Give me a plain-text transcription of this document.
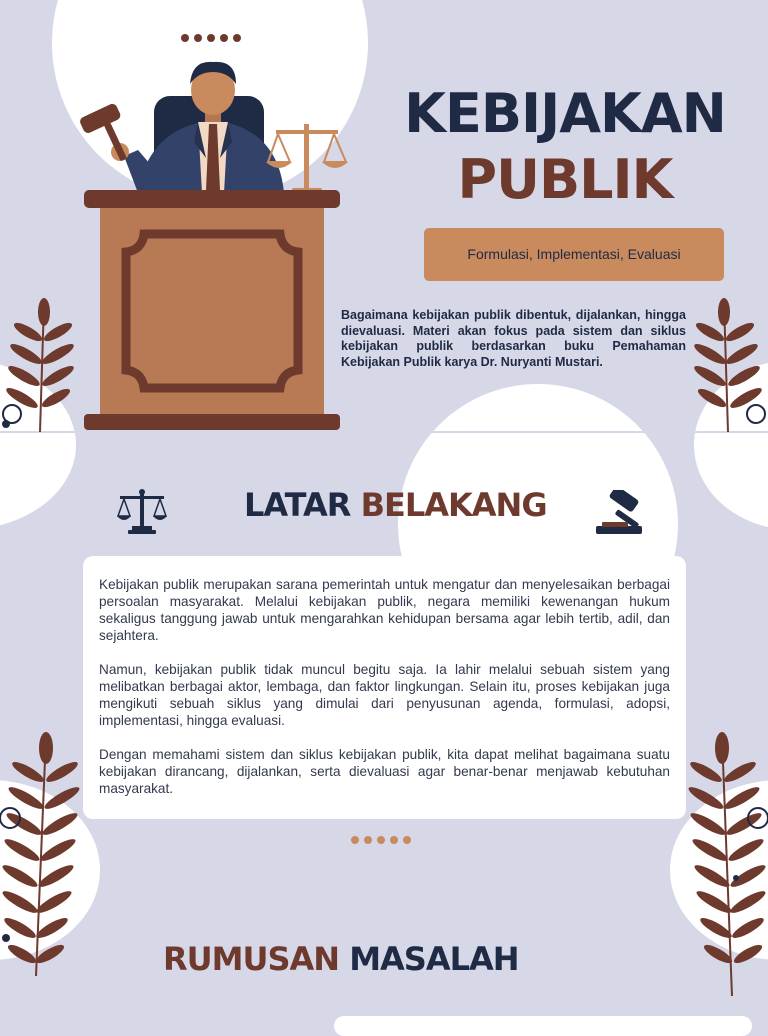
KEBIJAKAN
PUBLIK
Formulasi, Implementasi, Evaluasi
Bagaimana kebijakan publik dibentuk, dijalankan, hingga dievaluasi. Materi akan fokus pada sistem dan siklus kebijakan publik berdasarkan buku Pemahaman Kebijakan Publik karya Dr. Nuryanti Mustari.
LATAR BELAKANG

Kebijakan publik merupakan sarana pemerintah untuk mengatur dan menyelesaikan berbagai persoalan masyarakat. Melalui kebijakan publik, negara memiliki kewenangan hukum sekaligus tanggung jawab untuk mengarahkan kehidupan bersama agar lebih tertib, adil, dan sejahtera.

Namun, kebijakan publik tidak muncul begitu saja. Ia lahir melalui sebuah sistem yang melibatkan berbagai aktor, lembaga, dan faktor lingkungan. Selain itu, proses kebijakan juga mengikuti sebuah siklus yang dimulai dari penyusunan agenda, formulasi, adopsi, implementasi, hingga evaluasi.

Dengan memahami sistem dan siklus kebijakan publik, kita dapat melihat bagaimana suatu kebijakan dirancang, dijalankan, serta dievaluasi agar benar-benar menjawab kebutuhan masyarakat.

RUMUSAN MASALAH
